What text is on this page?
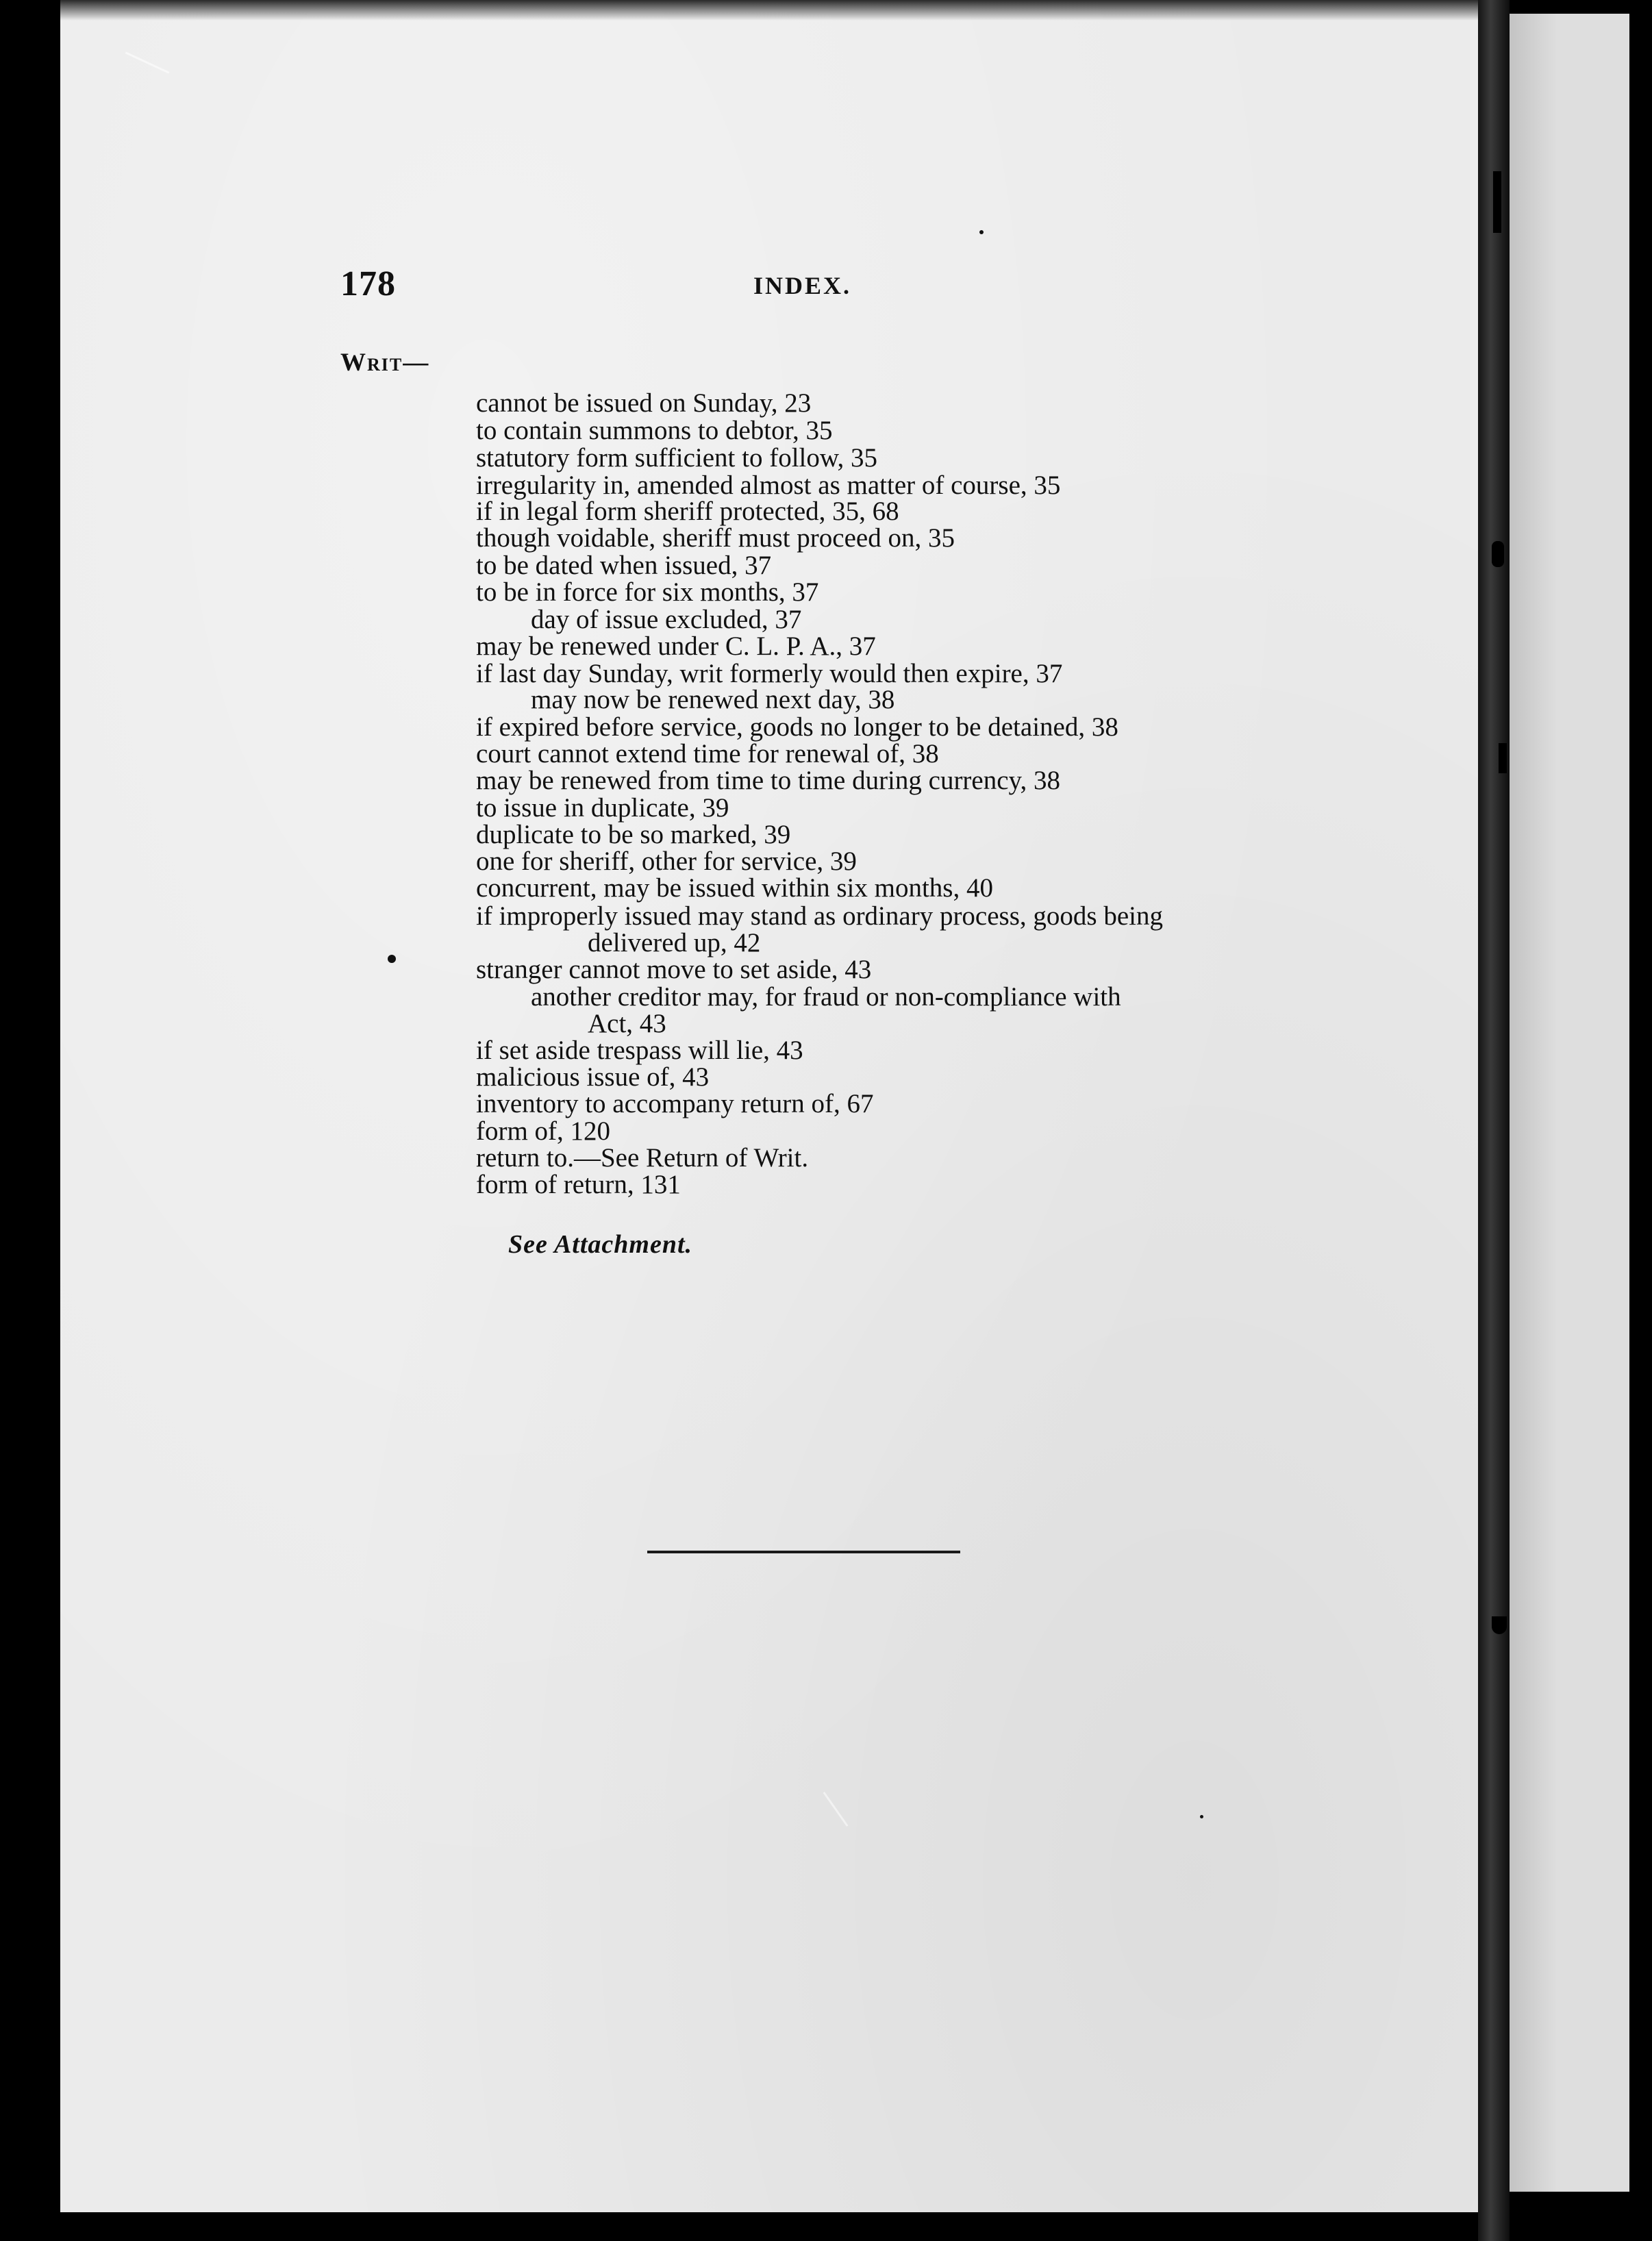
178	INDEX.
Writ—
cannot be issued on Sunday, 23
to contain summons to debtor, 35
statutory form sufficient to follow, 35
irregularity in, amended almost as matter of course, 35
if in legal form sheriff protected, 35, 68
though voidable, sheriff must proceed on, 35
to be dated when issued, 37
to be in force for six months, 37
day of issue excluded, 37
may be renewed under C. L. P. A., 37
if last day Sunday, writ formerly would then expire, 37
may now be renewed next day, 38
if expired before service, goods no longer to be detained, 38
court cannot extend time for renewal of, 38
may be renewed from time to time during currency, 38
to issue in duplicate, 39
duplicate to be so marked, 39
one for sheriff, other for service, 39
concurrent, may be issued within six months, 40
if improperly issued may stand as ordinary process, goods being
delivered up, 42
stranger cannot move to set aside, 43
another creditor may, for fraud or non-compliance with
Act, 43
if set aside trespass will lie, 43
malicious issue of, 43
inventory to accompany return of, 67
form of, 120
return to.—See Return of Writ.
form of return, 131
See Attachment.
